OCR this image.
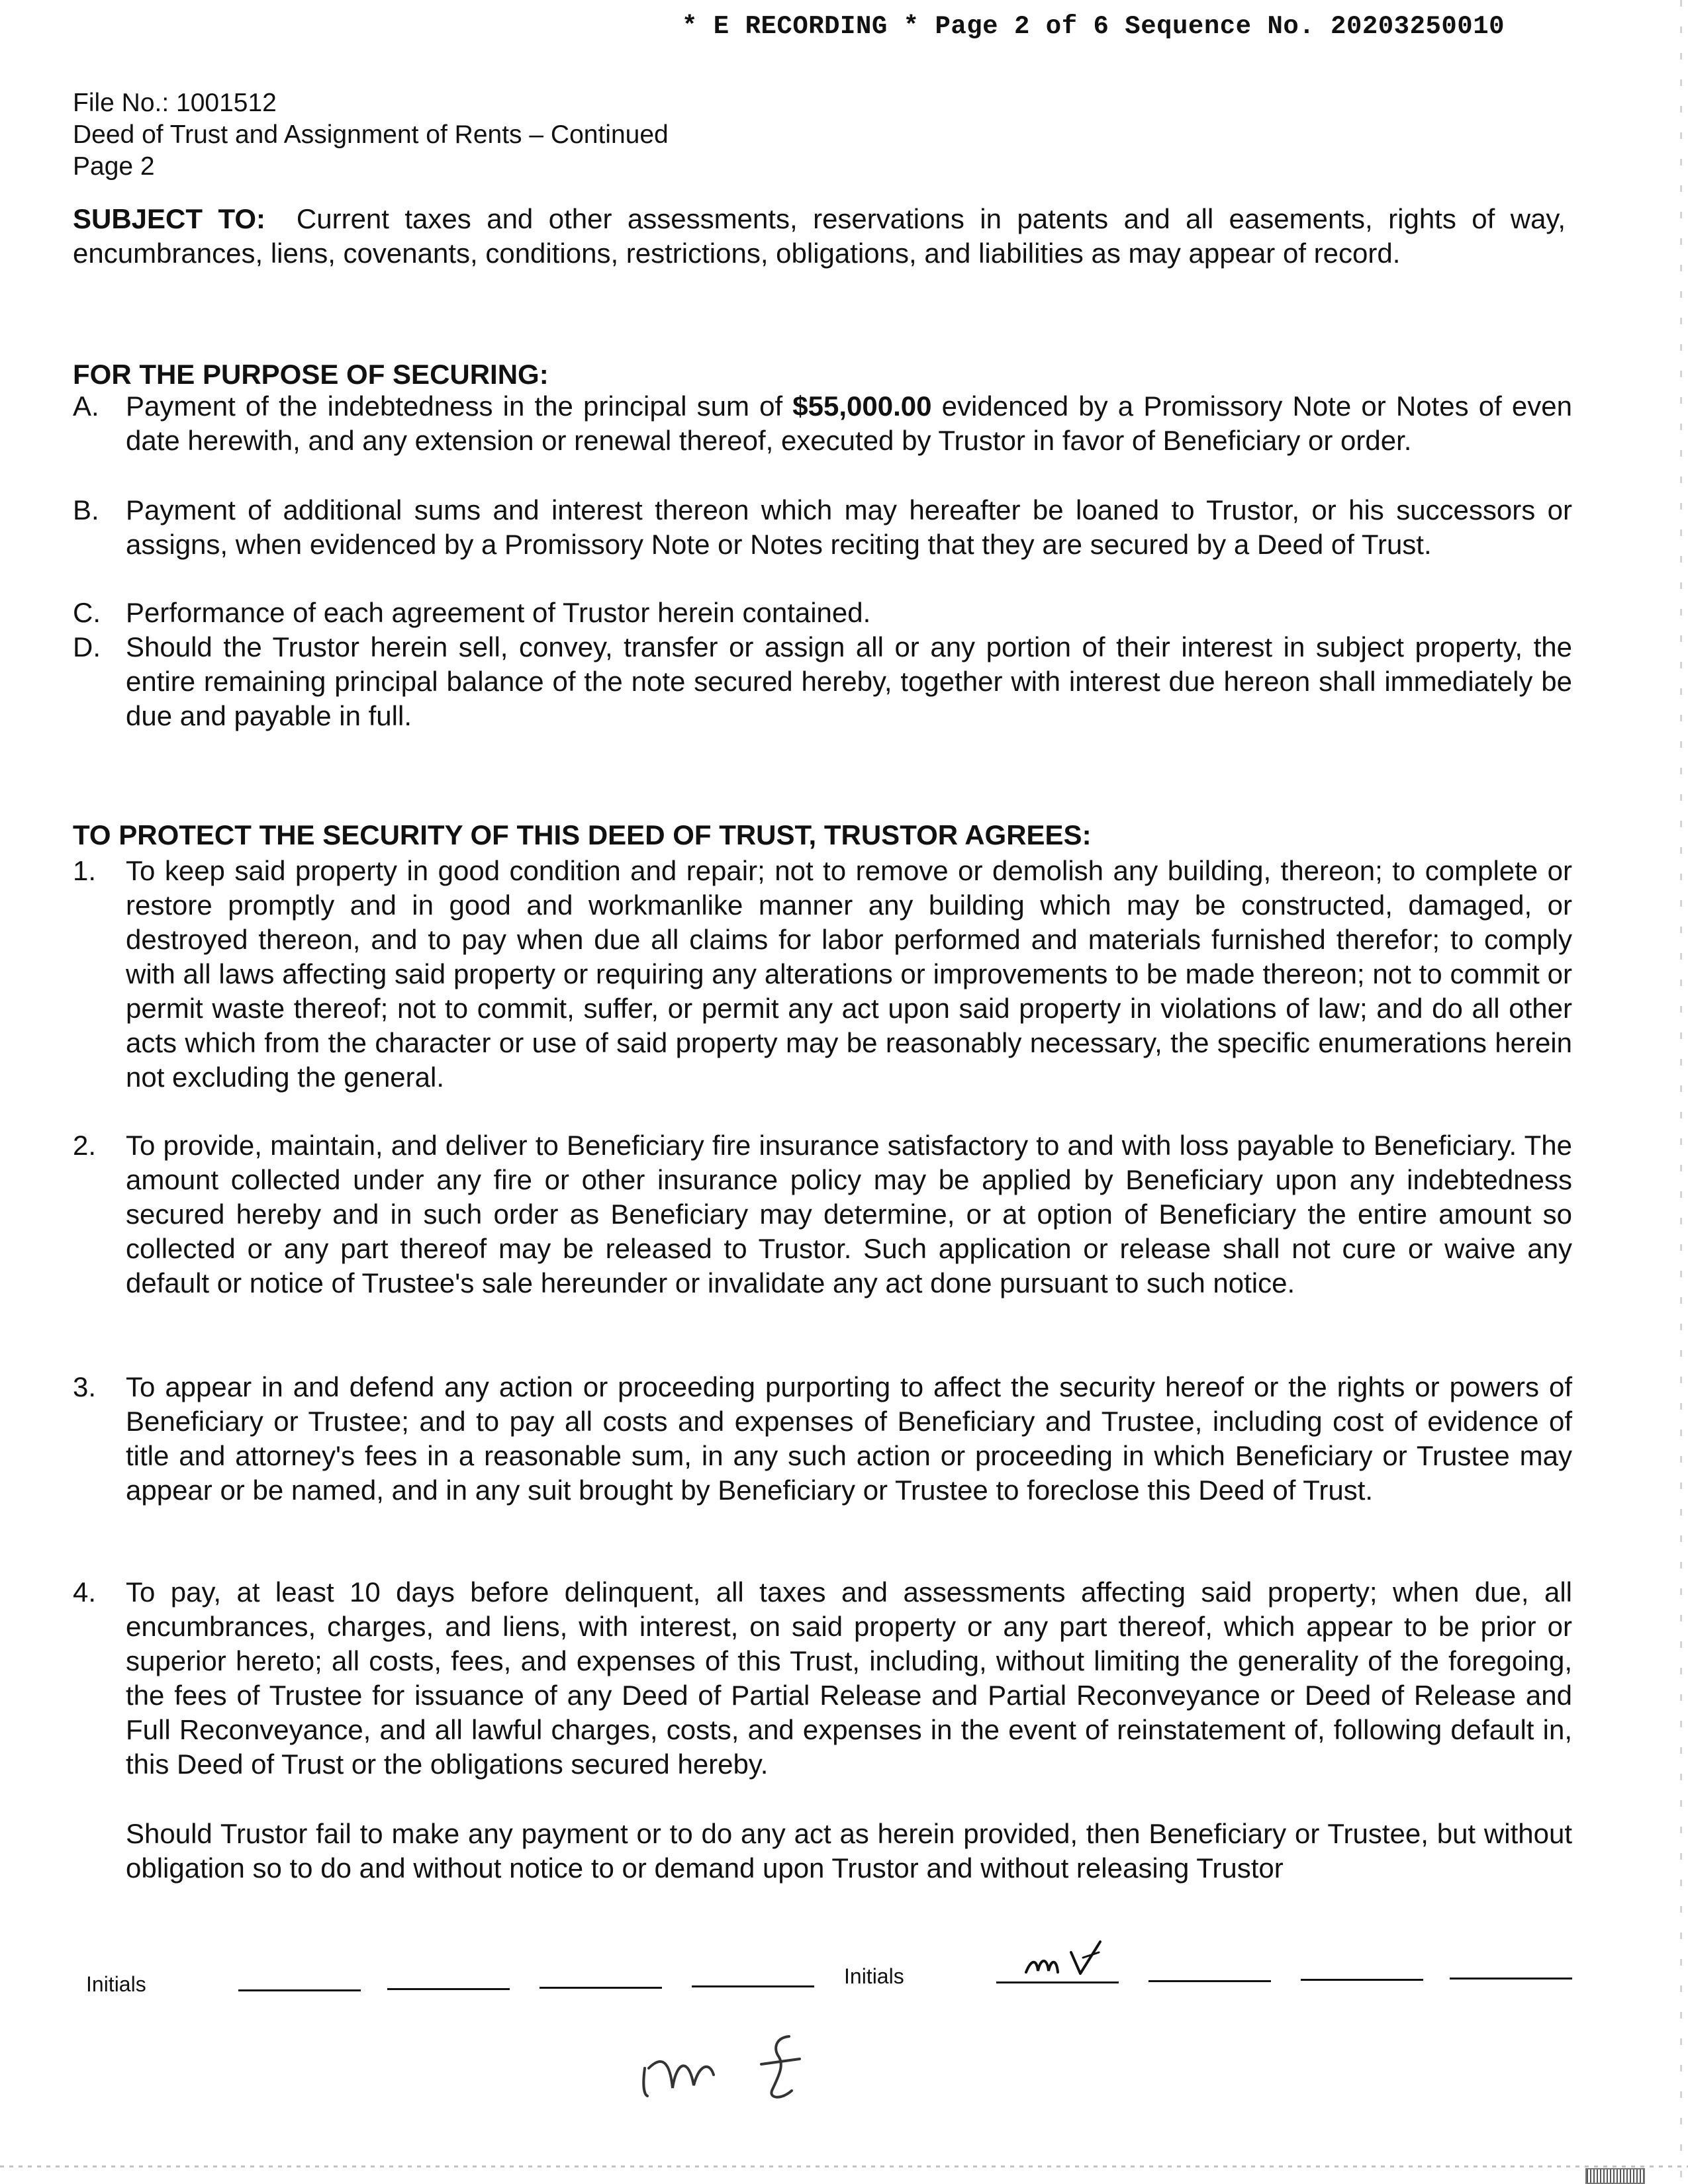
* E RECORDING * Page 2 of 6 Sequence No. 20203250010
File No.: 1001512
Deed of Trust and Assignment of Rents – Continued
Page 2
SUBJECT TO: Current taxes and other assessments, reservations in patents and all easements, rights of way, encumbrances, liens, covenants, conditions, restrictions, obligations, and liabilities as may appear of record.
FOR THE PURPOSE OF SECURING:
A. Payment of the indebtedness in the principal sum of $55,000.00 evidenced by a Promissory Note or Notes of even date herewith, and any extension or renewal thereof, executed by Trustor in favor of Beneficiary or order.
B. Payment of additional sums and interest thereon which may hereafter be loaned to Trustor, or his successors or assigns, when evidenced by a Promissory Note or Notes reciting that they are secured by a Deed of Trust.
C. Performance of each agreement of Trustor herein contained.
D. Should the Trustor herein sell, convey, transfer or assign all or any portion of their interest in subject property, the entire remaining principal balance of the note secured hereby, together with interest due hereon shall immediately be due and payable in full.
TO PROTECT THE SECURITY OF THIS DEED OF TRUST, TRUSTOR AGREES:
1. To keep said property in good condition and repair; not to remove or demolish any building, thereon; to complete or restore promptly and in good and workmanlike manner any building which may be constructed, damaged, or destroyed thereon, and to pay when due all claims for labor performed and materials furnished therefor; to comply with all laws affecting said property or requiring any alterations or improvements to be made thereon; not to commit or permit waste thereof; not to commit, suffer, or permit any act upon said property in violations of law; and do all other acts which from the character or use of said property may be reasonably necessary, the specific enumerations herein not excluding the general.
2. To provide, maintain, and deliver to Beneficiary fire insurance satisfactory to and with loss payable to Beneficiary. The amount collected under any fire or other insurance policy may be applied by Beneficiary upon any indebtedness secured hereby and in such order as Beneficiary may determine, or at option of Beneficiary the entire amount so collected or any part thereof may be released to Trustor. Such application or release shall not cure or waive any default or notice of Trustee's sale hereunder or invalidate any act done pursuant to such notice.
3. To appear in and defend any action or proceeding purporting to affect the security hereof or the rights or powers of Beneficiary or Trustee; and to pay all costs and expenses of Beneficiary and Trustee, including cost of evidence of title and attorney's fees in a reasonable sum, in any such action or proceeding in which Beneficiary or Trustee may appear or be named, and in any suit brought by Beneficiary or Trustee to foreclose this Deed of Trust.
4. To pay, at least 10 days before delinquent, all taxes and assessments affecting said property; when due, all encumbrances, charges, and liens, with interest, on said property or any part thereof, which appear to be prior or superior hereto; all costs, fees, and expenses of this Trust, including, without limiting the generality of the foregoing, the fees of Trustee for issuance of any Deed of Partial Release and Partial Reconveyance or Deed of Release and Full Reconveyance, and all lawful charges, costs, and expenses in the event of reinstatement of, following default in, this Deed of Trust or the obligations secured hereby.
Should Trustor fail to make any payment or to do any act as herein provided, then Beneficiary or Trustee, but without obligation so to do and without notice to or demand upon Trustor and without releasing Trustor
Initials	Initials
